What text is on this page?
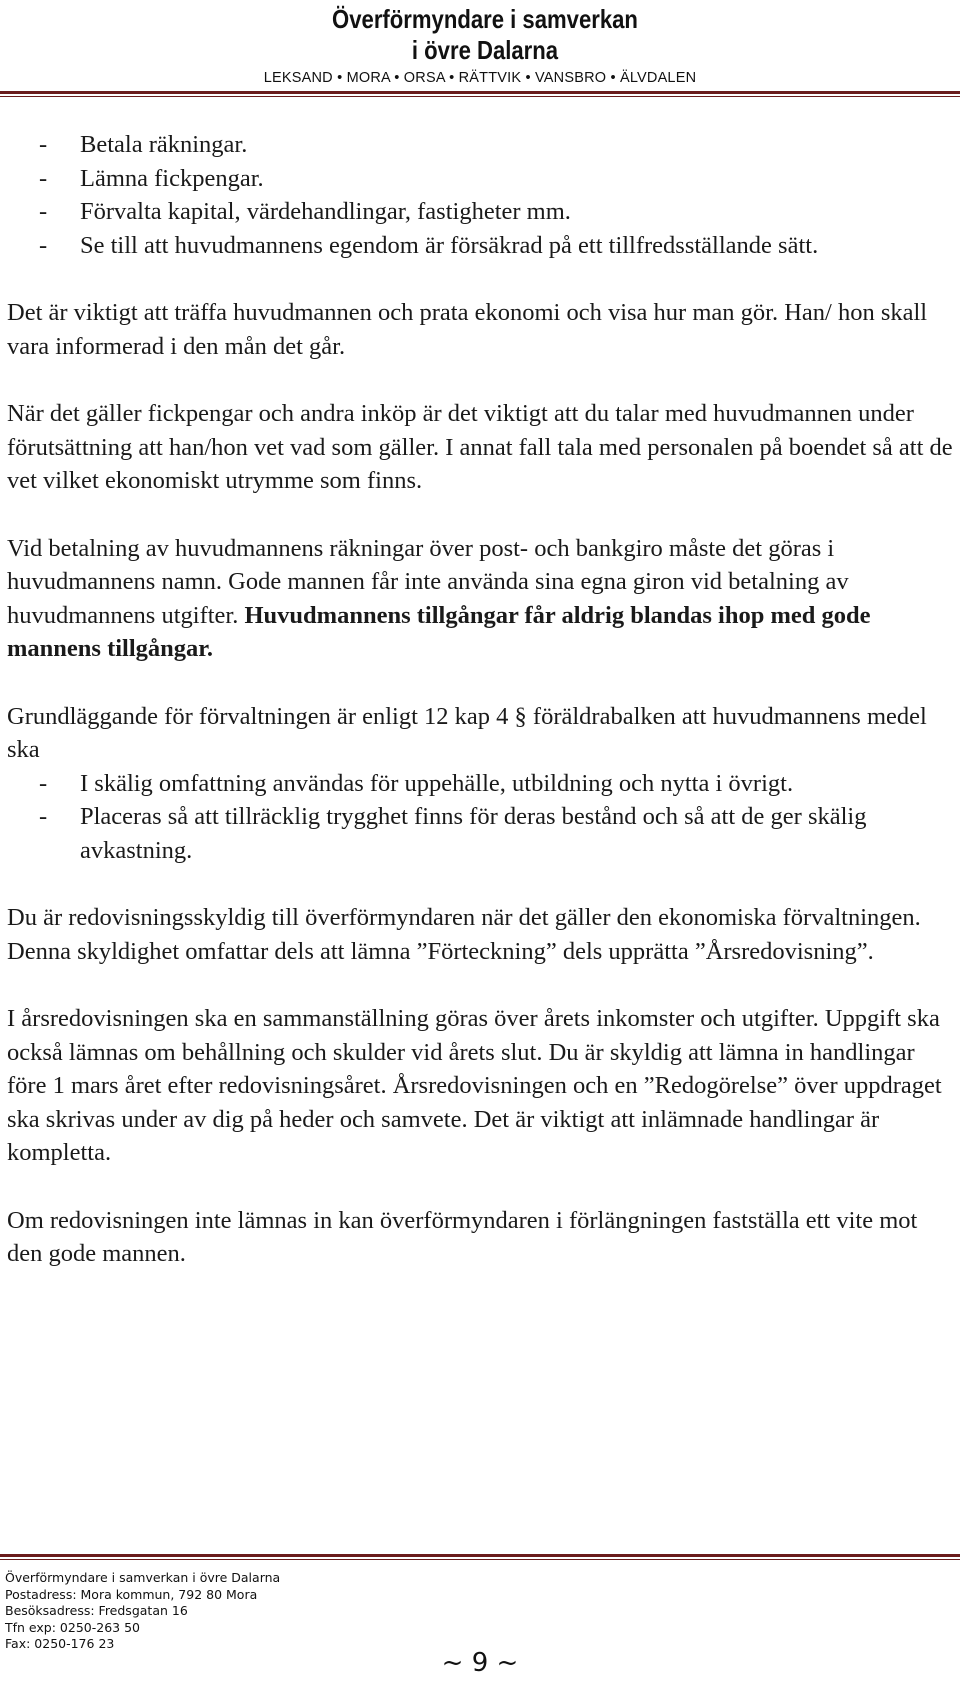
Överförmyndare i samverkan
i övre Dalarna
LEKSAND • MORA • ORSA • RÄTTVIK • VANSBRO • ÄLVDALEN
- Betala räkningar.
- Lämna fickpengar.
- Förvalta kapital, värdehandlingar, fastigheter mm.
- Se till att huvudmannens egendom är försäkrad på ett tillfredsställande sätt.

Det är viktigt att träffa huvudmannen och prata ekonomi och visa hur man gör. Han/ hon skall vara informerad i den mån det går.

När det gäller fickpengar och andra inköp är det viktigt att du talar med huvudmannen under förutsättning att han/hon vet vad som gäller. I annat fall tala med personalen på boendet så att de vet vilket ekonomiskt utrymme som finns.

Vid betalning av huvudmannens räkningar över post- och bankgiro måste det göras i huvudmannens namn. Gode mannen får inte använda sina egna giron vid betalning av huvudmannens utgifter. Huvudmannens tillgångar får aldrig blandas ihop med gode mannens tillgångar.

Grundläggande för förvaltningen är enligt 12 kap 4 § föräldrabalken att huvudmannens medel ska

- I skälig omfattning användas för uppehälle, utbildning och nytta i övrigt.
- Placeras så att tillräcklig trygghet finns för deras bestånd och så att de ger skälig avkastning.

Du är redovisningsskyldig till överförmyndaren när det gäller den ekonomiska förvaltningen. Denna skyldighet omfattar dels att lämna ”Förteckning” dels upprätta ”Årsredovisning”.

I årsredovisningen ska en sammanställning göras över årets inkomster och utgifter. Uppgift ska också lämnas om behållning och skulder vid årets slut. Du är skyldig att lämna in handlingar före 1 mars året efter redovisningsåret. Årsredovisningen och en ”Redogörelse” över uppdraget ska skrivas under av dig på heder och samvete. Det är viktigt att inlämnade handlingar är kompletta.

Om redovisningen inte lämnas in kan överförmyndaren i förlängningen fastställa ett vite mot den gode mannen.

Överförmyndare i samverkan i övre Dalarna
Postadress: Mora kommun, 792 80 Mora
Besöksadress: Fredsgatan 16
Tfn exp: 0250-263 50
Fax: 0250-176 23
~ 9 ~
